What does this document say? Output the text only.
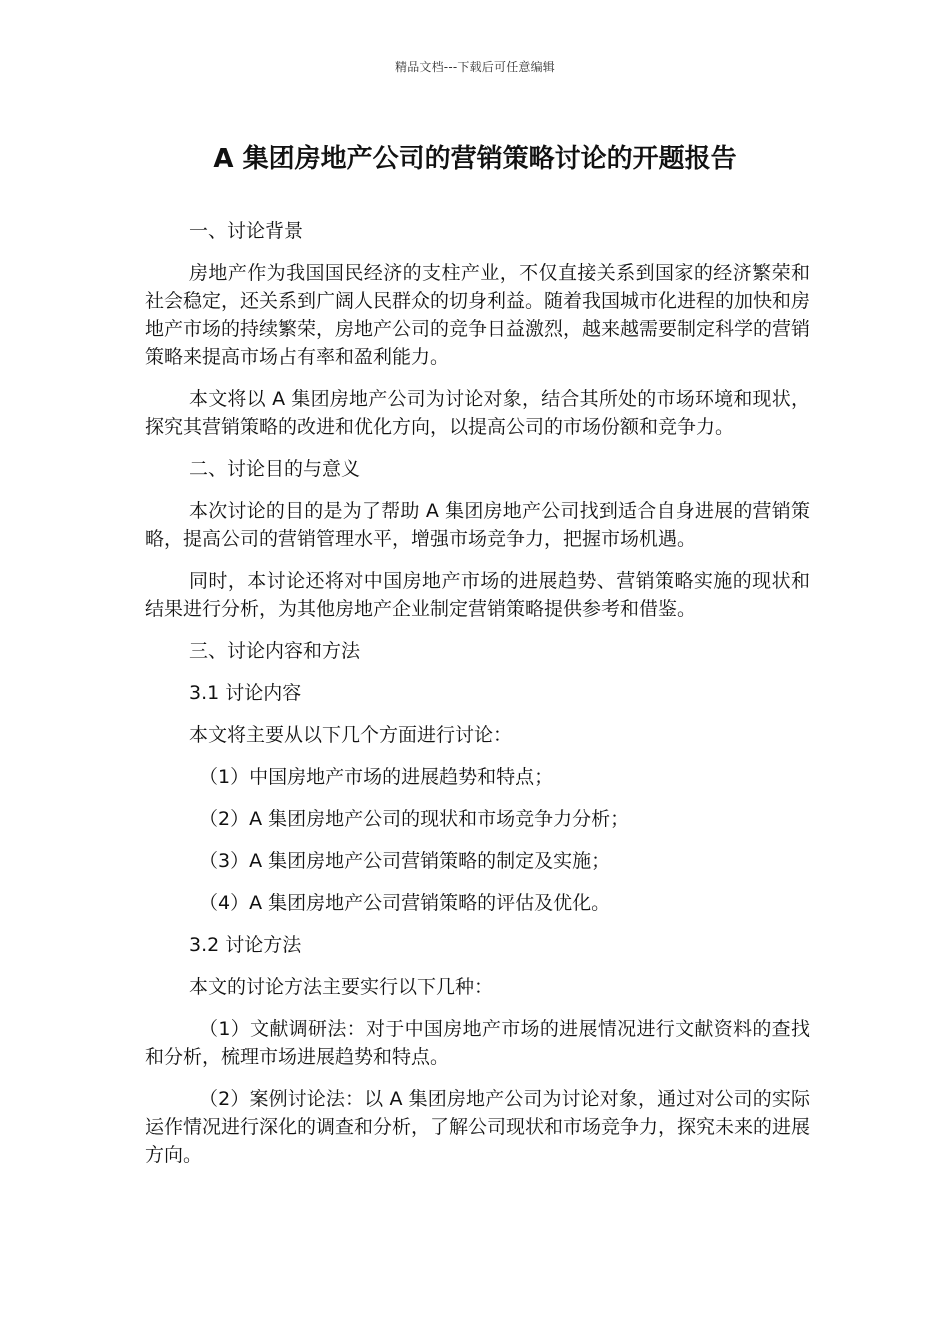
精品文档---下载后可任意编辑
A 集团房地产公司的营销策略讨论的开题报告

一、讨论背景

房地产作为我国国民经济的支柱产业，不仅直接关系到国家的经济繁荣和社会稳定，还关系到广阔人民群众的切身利益。随着我国城市化进程的加快和房地产市场的持续繁荣，房地产公司的竞争日益激烈，越来越需要制定科学的营销策略来提高市场占有率和盈利能力。

本文将以 A 集团房地产公司为讨论对象，结合其所处的市场环境和现状，探究其营销策略的改进和优化方向，以提高公司的市场份额和竞争力。

二、讨论目的与意义

本次讨论的目的是为了帮助 A 集团房地产公司找到适合自身进展的营销策略，提高公司的营销管理水平，增强市场竞争力，把握市场机遇。

同时，本讨论还将对中国房地产市场的进展趋势、营销策略实施的现状和结果进行分析，为其他房地产企业制定营销策略提供参考和借鉴。

三、讨论内容和方法

3.1 讨论内容

本文将主要从以下几个方面进行讨论：

（1）中国房地产市场的进展趋势和特点；

（2）A 集团房地产公司的现状和市场竞争力分析；

（3）A 集团房地产公司营销策略的制定及实施；

（4）A 集团房地产公司营销策略的评估及优化。

3.2 讨论方法

本文的讨论方法主要实行以下几种：

（1）文献调研法：对于中国房地产市场的进展情况进行文献资料的查找和分析，梳理市场进展趋势和特点。

（2）案例讨论法：以 A 集团房地产公司为讨论对象，通过对公司的实际运作情况进行深化的调查和分析，了解公司现状和市场竞争力，探究未来的进展方向。
